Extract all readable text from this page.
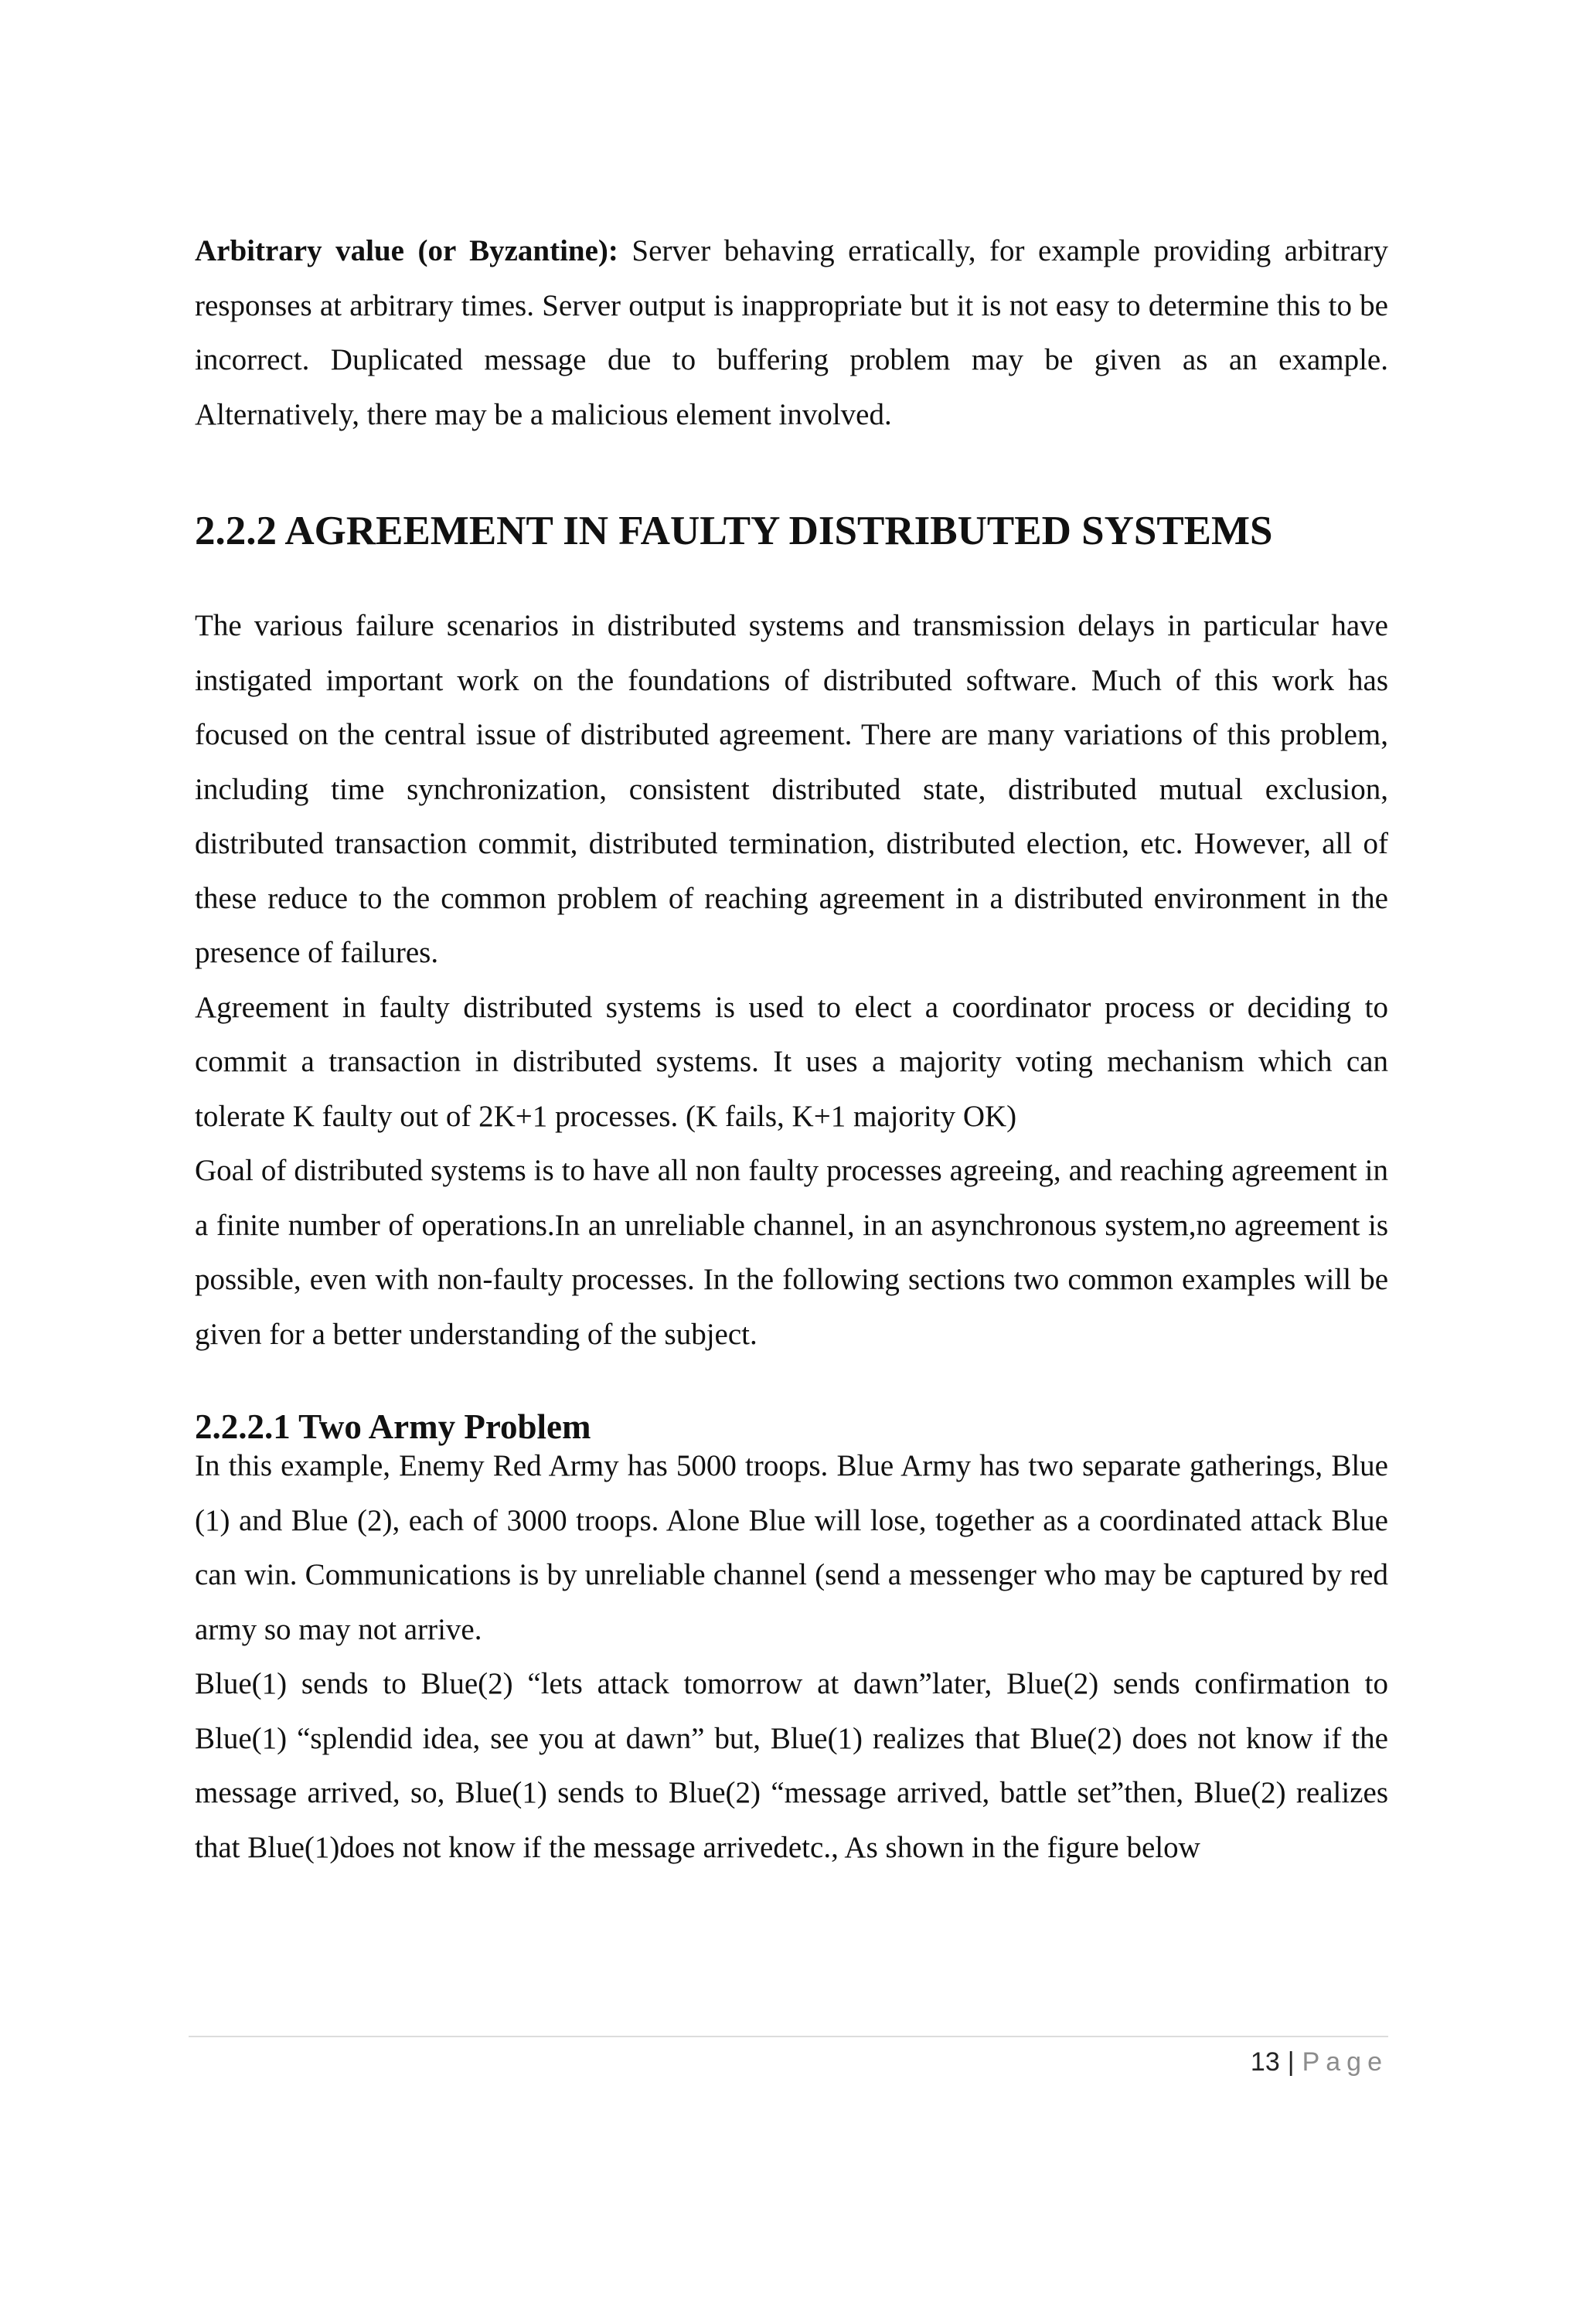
Arbitrary value (or Byzantine): Server behaving erratically, for example providing arbitrary responses at arbitrary times. Server output is inappropriate but it is not easy to determine this to be incorrect. Duplicated message due to buffering problem may be given as an example. Alternatively, there may be a malicious element involved.

2.2.2 AGREEMENT IN FAULTY DISTRIBUTED SYSTEMS

The various failure scenarios in distributed systems and transmission delays in particular have instigated important work on the foundations of distributed software. Much of this work has focused on the central issue of distributed agreement. There are many variations of this problem, including time synchronization, consistent distributed state, distributed mutual exclusion, distributed transaction commit, distributed termination, distributed election, etc. However, all of these reduce to the common problem of reaching agreement in a distributed environment in the presence of failures.

Agreement in faulty distributed systems is used to elect a coordinator process or deciding to commit a transaction in distributed systems. It uses a majority voting mechanism which can tolerate K faulty out of 2K+1 processes. (K fails, K+1 majority OK)

Goal of distributed systems is to have all non faulty processes agreeing, and reaching agreement in a finite number of operations.In an unreliable channel, in an asynchronous system,no agreement is possible, even with non-faulty processes. In the following sections two common examples will be given for a better understanding of the subject.

2.2.2.1 Two Army Problem

In this example, Enemy Red Army has 5000 troops. Blue Army has two separate gatherings, Blue (1) and Blue (2), each of 3000 troops. Alone Blue will lose, together as a coordinated attack Blue can win. Communications is by unreliable channel (send a messenger who may be captured by red army so may not arrive.

Blue(1) sends to Blue(2) “lets attack tomorrow at dawn”later, Blue(2) sends confirmation to Blue(1) “splendid idea, see you at dawn” but, Blue(1) realizes that Blue(2) does not know if the message arrived, so, Blue(1) sends to Blue(2) “message arrived, battle set”then, Blue(2) realizes that Blue(1)does not know if the message arrivedetc., As shown in the figure below

13 | Page
